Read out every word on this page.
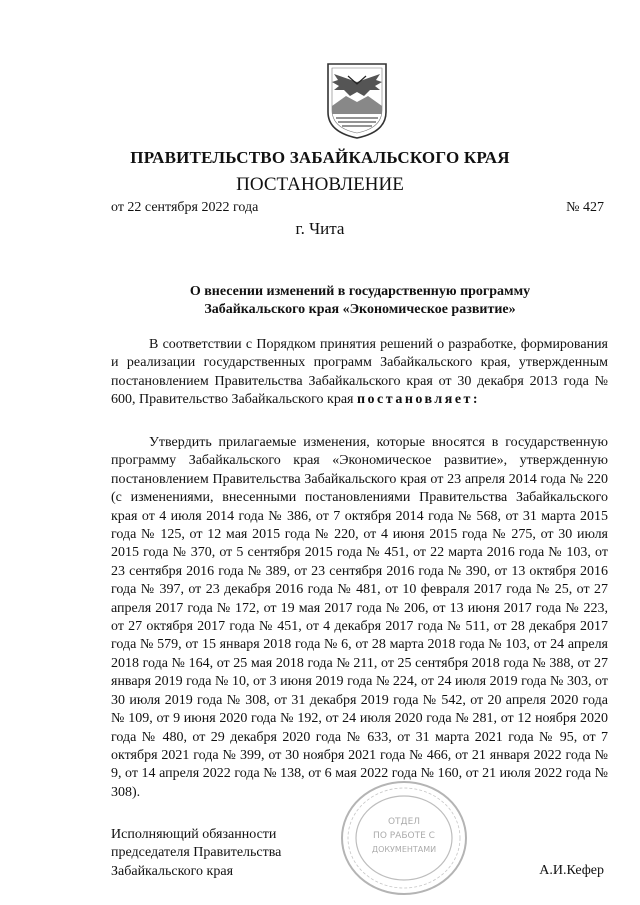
ПРАВИТЕЛЬСТВО ЗАБАЙКАЛЬСКОГО КРАЯ
ПОСТАНОВЛЕНИЕ
от 22 сентября 2022 года	№ 427
г. Чита
О внесении изменений в государственную программу
Забайкальского края «Экономическое развитие»

В соответствии с Порядком принятия решений о разработке, формирования и реализации государственных программ Забайкальского края, утвержденным постановлением Правительства Забайкальского края от 30 декабря 2013 года № 600, Правительство Забайкальского края постановляет:

Утвердить прилагаемые изменения, которые вносятся в государственную программу Забайкальского края «Экономическое развитие», утвержденную постановлением Правительства Забайкальского края от 23 апреля 2014 года № 220 (с изменениями, внесенными постановлениями Правительства Забайкальского края от 4 июля 2014 года № 386, от 7 октября 2014 года № 568, от 31 марта 2015 года № 125, от 12 мая 2015 года № 220, от 4 июня 2015 года № 275, от 30 июля 2015 года № 370, от 5 сентября 2015 года № 451, от 22 марта 2016 года № 103, от 23 сентября 2016 года № 389, от 23 сентября 2016 года № 390, от 13 октября 2016 года № 397, от 23 декабря 2016 года № 481, от 10 февраля 2017 года № 25, от 27 апреля 2017 года № 172, от 19 мая 2017 года № 206, от 13 июня 2017 года № 223, от 27 октября 2017 года № 451, от 4 декабря 2017 года № 511, от 28 декабря 2017 года № 579, от 15 января 2018 года № 6, от 28 марта 2018 года № 103, от 24 апреля 2018 года № 164, от 25 мая 2018 года № 211, от 25 сентября 2018 года № 388, от 27 января 2019 года № 10, от 3 июня 2019 года № 224, от 24 июля 2019 года № 303, от 30 июля 2019 года № 308, от 31 декабря 2019 года № 542, от 20 апреля 2020 года № 109, от 9 июня 2020 года № 192, от 24 июля 2020 года № 281, от 12 ноября 2020 года № 480, от 29 декабря 2020 года № 633, от 31 марта 2021 года № 95, от 7 октября 2021 года № 399, от 30 ноября 2021 года № 466, от 21 января 2022 года № 9, от 14 апреля 2022 года № 138, от 6 мая 2022 года № 160, от 21 июля 2022 года № 308).

Исполняющий обязанности
председателя Правительства
Забайкальского края
ОТДЕЛ
ПО РАБОТЕ С
ДОКУМЕНТАМИ
А.И.Кефер
